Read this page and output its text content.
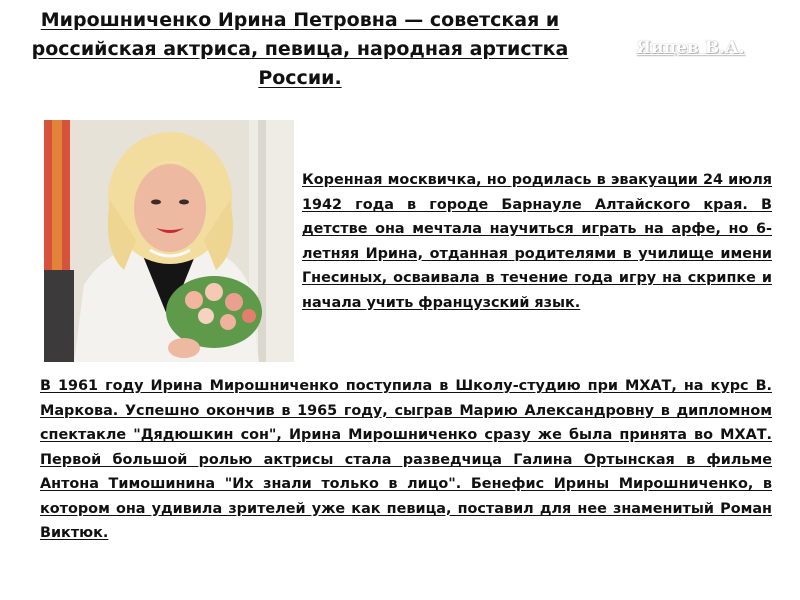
Мирошниченко Ирина Петровна — советская и российская актриса, певица, народная артистка России.
Яицев В.А.
Коренная москвичка, но родилась в эвакуации 24 июля 1942 года в городе Барнауле Алтайского края. В детстве она мечтала научиться играть на арфе, но 6-летняя Ирина, отданная родителями в училище имени Гнесиных, осваивала в течение года игру на скрипке и начала учить французский язык.
В 1961 году Ирина Мирошниченко поступила в Школу-студию при МХАТ, на курс В. Маркова. Успешно окончив в 1965 году, сыграв Марию Александровну в дипломном спектакле "Дядюшкин сон", Ирина Мирошниченко сразу же была принята во МХАТ. Первой большой ролью актрисы стала разведчица Галина Ортынская в фильме Антона Тимошинина "Их знали только в лицо". Бенефис Ирины Мирошниченко, в котором она удивила зрителей уже как певица, поставил для нее знаменитый Роман Виктюк.
